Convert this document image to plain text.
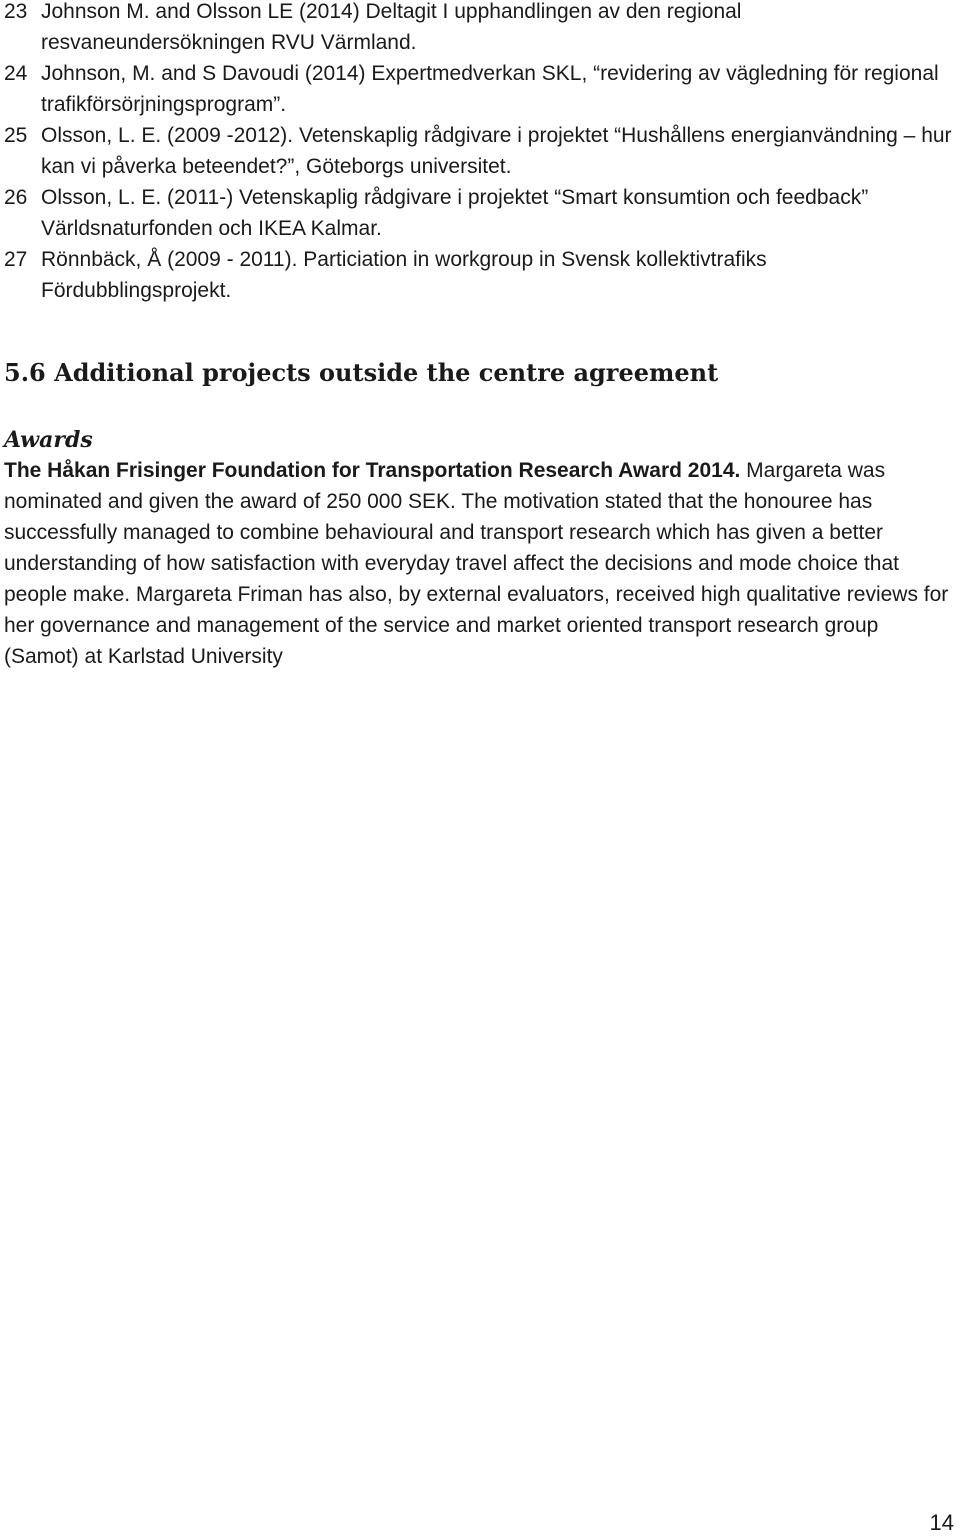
23 Johnson M. and Olsson LE (2014) Deltagit I upphandlingen av den regional resvaneundersökningen RVU Värmland.
24 Johnson, M. and S Davoudi (2014) Expertmedverkan SKL, “revidering av vägledning för regional trafikförsörjningsprogram”.
25 Olsson, L. E. (2009 -2012). Vetenskaplig rådgivare i projektet “Hushållens energianvändning – hur kan vi påverka beteendet?”, Göteborgs universitet.
26 Olsson, L. E. (2011-) Vetenskaplig rådgivare i projektet “Smart konsumtion och feedback” Världsnaturfonden och IKEA Kalmar.
27 Rönnbäck, Å (2009 - 2011). Particiation in workgroup in Svensk kollektivtrafiks Fördubblingsprojekt.
5.6 Additional projects outside the centre agreement
Awards

The Håkan Frisinger Foundation for Transportation Research Award 2014. Margareta was nominated and given the award of 250 000 SEK. The motivation stated that the honouree has successfully managed to combine behavioural and transport research which has given a better understanding of how satisfaction with everyday travel affect the decisions and mode choice that people make. Margareta Friman has also, by external evaluators, received high qualitative reviews for her governance and management of the service and market oriented transport research group (Samot) at Karlstad University

14
